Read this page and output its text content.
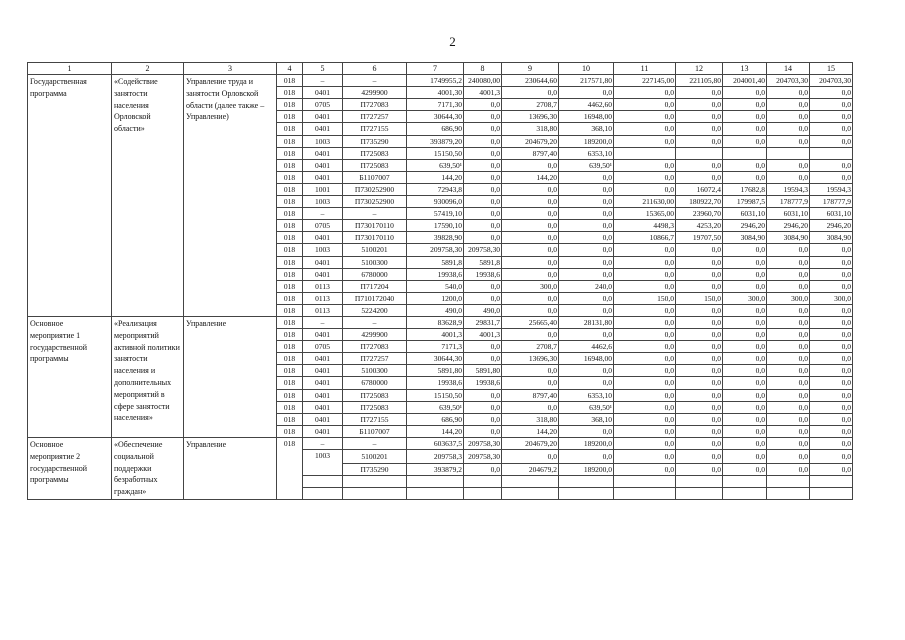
2
1	2	3	4	5	6	7	8	9	10	11	12	13	14	15
Государственная программа	«Содействие занятости населения Орловской области»	Управление труда и занятости Орловской области (далее также – Управление)	018	–	–	1749955,2	240080,00	230644,60	217571,80	227145,00	221105,80	204001,40	204703,30	204703,30
			018	0401	4299900	4001,30	4001,3	0,0	0,0	0,0	0,0	0,0	0,0	0,0
			018	0705	П727083	7171,30	0,0	2708,7	4462,60	0,0	0,0	0,0	0,0	0,0
			018	0401	П727257	30644,30	0,0	13696,30	16948,00	0,0	0,0	0,0	0,0	0,0
			018	0401	П727155	686,90	0,0	318,80	368,10	0,0	0,0	0,0	0,0	0,0
			018	1003	П735290	393879,20	0,0	204679,20	189200,0	0,0	0,0	0,0	0,0	0,0
			018	0401	П725083	15150,50	0,0	8797,40	6353,10					
			018	0401	П725083	639,50¹	0,0	0,0	639,50¹	0,0	0,0	0,0	0,0	0,0
			018	0401	Б1107007	144,20	0,0	144,20	0,0	0,0	0,0	0,0	0,0	0,0
			018	1001	П730252900	72943,8	0,0	0,0	0,0	0,0	16072,4	17682,8	19594,3	19594,3
			018	1003	П730252900	930096,0	0,0	0,0	0,0	211630,00	180922,70	179987,5	178777,9	178777,9
			018	–	–	57419,10	0,0	0,0	0,0	15365,00	23960,70	6031,10	6031,10	6031,10
			018	0705	П730170110	17590,10	0,0	0,0	0,0	4498,3	4253,20	2946,20	2946,20	2946,20
			018	0401	П730170110	39828,90	0,0	0,0	0,0	10866,7	19707,50	3084,90	3084,90	3084,90
			018	1003	5100201	209758,30	209758,30	0,0	0,0	0,0	0,0	0,0	0,0	0,0
			018	0401	5100300	5891,8	5891,8	0,0	0,0	0,0	0,0	0,0	0,0	0,0
			018	0401	6780000	19938,6	19938,6	0,0	0,0	0,0	0,0	0,0	0,0	0,0
			018	0113	П717204	540,0	0,0	300,0	240,0	0,0	0,0	0,0	0,0	0,0
			018	0113	П710172040	1200,0	0,0	0,0	0,0	150,0	150,0	300,0	300,0	300,0
			018	0113	5224200	490,0	490,0	0,0	0,0	0,0	0,0	0,0	0,0	0,0
Основное мероприятие 1 государственной программы	«Реализация мероприятий активной политики занятости населения и дополнительных мероприятий в сфере занятости населения»	Управление	018	–	–	83628,9	29831,7	25665,40	28131,80	0,0	0,0	0,0	0,0	0,0
			018	0401	4299900	4001,3	4001,3	0,0	0,0	0,0	0,0	0,0	0,0	0,0
			018	0705	П727083	7171,3	0,0	2708,7	4462,6	0,0	0,0	0,0	0,0	0,0
			018	0401	П727257	30644,30	0,0	13696,30	16948,00	0,0	0,0	0,0	0,0	0,0
			018	0401	5100300	5891,80	5891,80	0,0	0,0	0,0	0,0	0,0	0,0	0,0
			018	0401	6780000	19938,6	19938,6	0,0	0,0	0,0	0,0	0,0	0,0	0,0
			018	0401	П725083	15150,50	0,0	8797,40	6353,10	0,0	0,0	0,0	0,0	0,0
			018	0401	П725083	639,50¹	0,0	0,0	639,50¹	0,0	0,0	0,0	0,0	0,0
			018	0401	П727155	686,90	0,0	318,80	368,10	0,0	0,0	0,0	0,0	0,0
			018	0401	Б1107007	144,20	0,0	144,20	0,0	0,0	0,0	0,0	0,0	0,0
Основное мероприятие 2 государственной программы	«Обеспечение социальной поддержки безработных граждан»	Управление	018	–	–	603637,5	209758,30	204679,20	189200,0	0,0	0,0	0,0	0,0	0,0
				1003	5100201	209758,3	209758,30	0,0	0,0	0,0	0,0	0,0	0,0	0,0
					П735290	393879,2	0,0	204679,2	189200,0	0,0	0,0	0,0	0,0	0,0
